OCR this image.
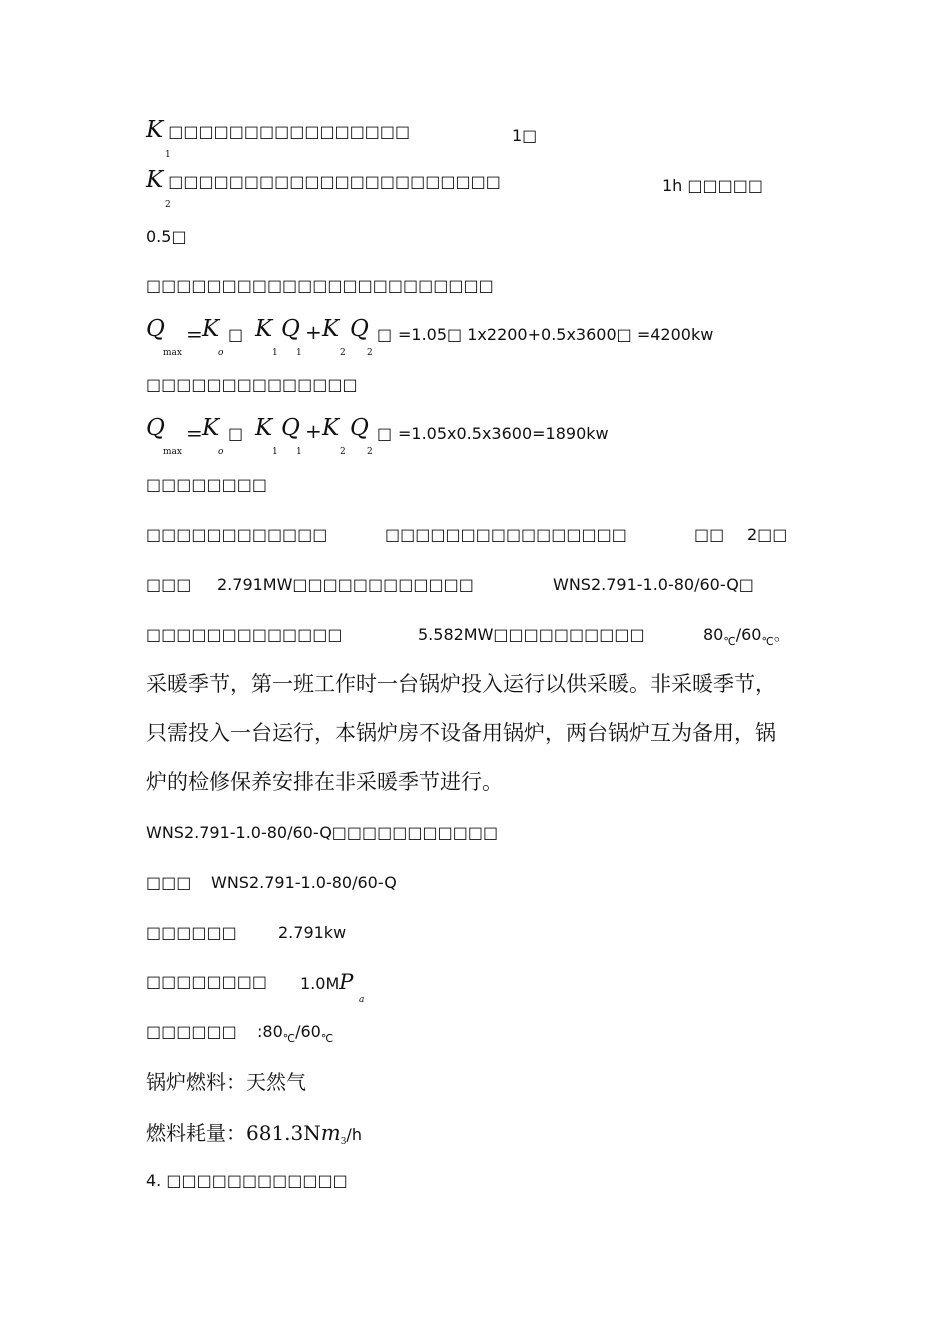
K □□□□□□□□□□□□□□□□
1
1□
K □□□□□□□□□□□□□□□□□□□□□□
2
1h □□□□□
0.5□
□□□□□□□□□□□□□□□□□□□□□□□
Q
max
= K
o
□ K
1
Q
1
+ K
2
Q
2
□ =1.05□ 1x2200+0.5x3600□ =4200kw
□□□□□□□□□□□□□□
Q
max
= K
o
□ K
1
Q
1
+ K
2
Q
2
□ =1.05x0.5x3600=1890kw
□□□□□□□□
□□□□□□□□□□□□	□□□□□□□□□□□□□□□□	□□ 2□□
□□□ 2.791MW□□□□□□□□□□□□	WNS2.791-1.0-80/60-Q□
□□□□□□□□□□□□□	5.582MW□□□□□□□□□□	$80_℃/60_℃$。
采暖季节，第一班工作时一台锅炉投入运行以供采暖。非采暖季节，
只需投入一台运行，本锅炉房不设备用锅炉，两台锅炉互为备用，锅
炉的检修保养安排在非采暖季节进行。
WNS2.791-1.0-80/60-Q□□□□□□□□□□□
□□□ WNS2.791-1.0-80/60-Q
□□□□□□	2.791kw
□□□□□□□□ 1.0MP
a
□□□□□□ $:80_℃/60_℃$
锅炉燃料：天然气
燃料耗量：$681.3Nm_3/h$
4. □□□□□□□□□□□□
